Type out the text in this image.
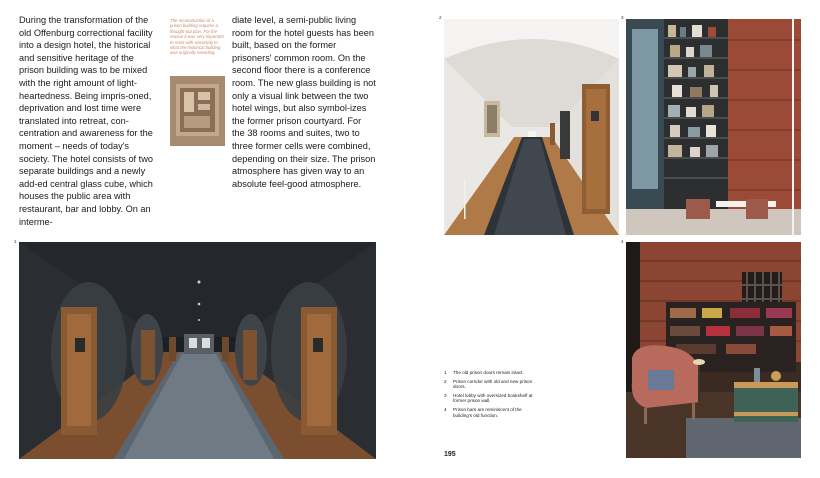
During the transformation of the old Offenburg correctional facility into a design hotel, the historical and sensitive heritage of the prison building was to be mixed with the right amount of light-heartedness. Being impris-oned, deprivation and lost time were translated into retreat, con-centration and awareness for the moment – needs of today's society. The hotel consists of two separate buildings and a newly add-ed central glass cube, which houses the public area with restaurant, bar and lobby. On an interme-

The reconstruction of a prison building requires a thought-out plan. For the reason it was very important to react with sensitivity to what the historical building was originally intending.

diate level, a semi-public living room for the hotel guests has been built, based on the former prisoners' common room. On the second floor there is a conference room. The new glass building is not only a visual link between the two hotel wings, but also symbol-izes the former prison courtyard. For the 38 rooms and suites, two to three former cells were combined, depending on their size. The prison atmosphere has given way to an absolute feel-good atmosphere.

1
2	3
4
1	The old prison doors remain intact.
2	Prison corridor with old and new prison doors.
3	Hotel lobby with oversized bookshelf at former prison wall.
4	Prison bars are reminiscent of the building's old function.
195
